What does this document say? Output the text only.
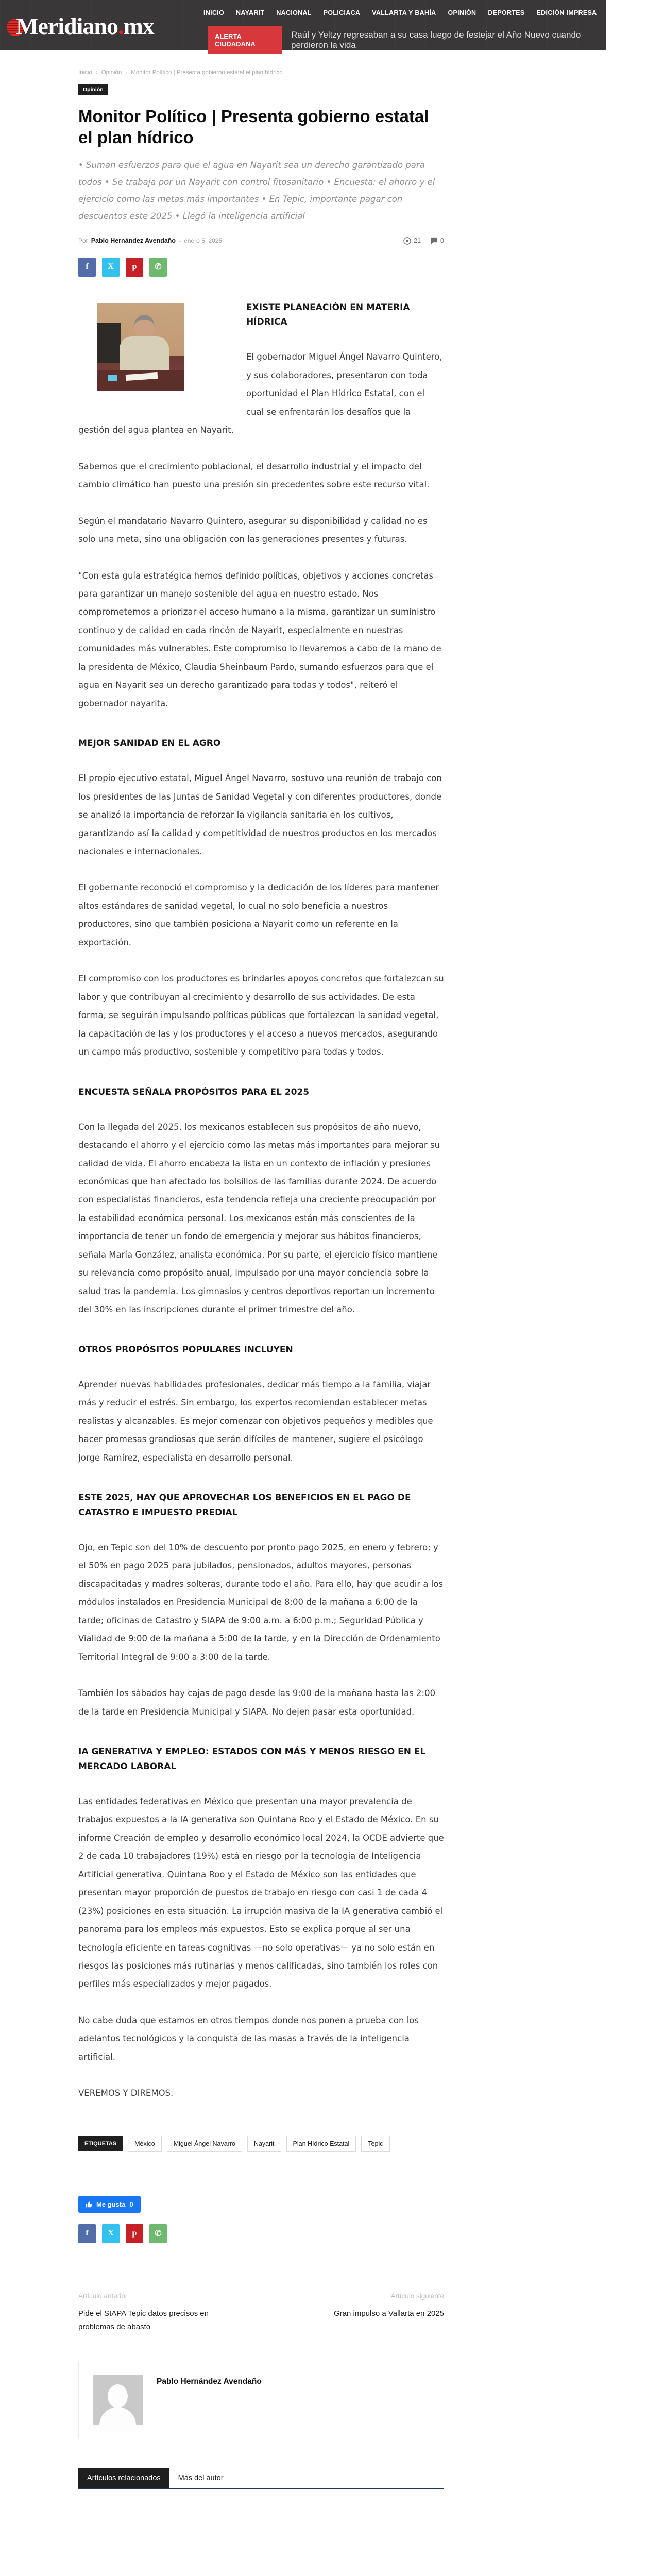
Meridiano.mx	INICIO NAYARIT NACIONAL POLICIACA VALLARTA Y BAHÍA OPINIÓN DEPORTES EDICIÓN IMPRESA ESPECIAL
ALERTA CIUDADANA
Raúl y Yeltzy regresaban a su casa luego de festejar el Año Nuevo cuando perdieron la vida
Inicio › Opinión › Monitor Político | Presenta gobierno estatal el plan hídrico
Opinión
Monitor Político | Presenta gobierno estatal el plan hídrico

• Suman esfuerzos para que el agua en Nayarit sea un derecho garantizado para todos • Se trabaja por un Nayarit con control fitosanitario • Encuesta: el ahorro y el ejercicio como las metas más importantes • En Tepic, importante pagar con descuentos este 2025 • Llegó la inteligencia artificial

Por Pablo Hernández Avendaño - enero 5, 2025	21	0
f	X	p	✆
EXISTE PLANEACIÓN EN MATERIA HÍDRICA
El gobernador Miguel Ángel Navarro Quintero, y sus colaboradores, presentaron con toda oportunidad el Plan Hídrico Estatal, con el cual se enfrentarán los desafíos que la gestión del agua plantea en Nayarit.
Sabemos que el crecimiento poblacional, el desarrollo industrial y el impacto del cambio climático han puesto una presión sin precedentes sobre este recurso vital.
Según el mandatario Navarro Quintero, asegurar su disponibilidad y calidad no es solo una meta, sino una obligación con las generaciones presentes y futuras.
"Con esta guía estratégica hemos definido políticas, objetivos y acciones concretas para garantizar un manejo sostenible del agua en nuestro estado. Nos comprometemos a priorizar el acceso humano a la misma, garantizar un suministro continuo y de calidad en cada rincón de Nayarit, especialmente en nuestras comunidades más vulnerables. Este compromiso lo llevaremos a cabo de la mano de la presidenta de México, Claudia Sheinbaum Pardo, sumando esfuerzos para que el agua en Nayarit sea un derecho garantizado para todas y todos", reiteró el gobernador nayarita.
MEJOR SANIDAD EN EL AGRO
El propio ejecutivo estatal, Miguel Ángel Navarro, sostuvo una reunión de trabajo con los presidentes de las Juntas de Sanidad Vegetal y con diferentes productores, donde se analizó la importancia de reforzar la vigilancia sanitaria en los cultivos, garantizando así la calidad y competitividad de nuestros productos en los mercados nacionales e internacionales.
El gobernante reconoció el compromiso y la dedicación de los líderes para mantener altos estándares de sanidad vegetal, lo cual no solo beneficia a nuestros productores, sino que también posiciona a Nayarit como un referente en la exportación.
El compromiso con los productores es brindarles apoyos concretos que fortalezcan su labor y que contribuyan al crecimiento y desarrollo de sus actividades. De esta forma, se seguirán impulsando políticas públicas que fortalezcan la sanidad vegetal, la capacitación de las y los productores y el acceso a nuevos mercados, asegurando un campo más productivo, sostenible y competitivo para todas y todos.
ENCUESTA SEÑALA PROPÓSITOS PARA EL 2025
Con la llegada del 2025, los mexicanos establecen sus propósitos de año nuevo, destacando el ahorro y el ejercicio como las metas más importantes para mejorar su calidad de vida. El ahorro encabeza la lista en un contexto de inflación y presiones económicas que han afectado los bolsillos de las familias durante 2024. De acuerdo con especialistas financieros, esta tendencia refleja una creciente preocupación por la estabilidad económica personal. Los mexicanos están más conscientes de la importancia de tener un fondo de emergencia y mejorar sus hábitos financieros, señala María González, analista económica. Por su parte, el ejercicio físico mantiene su relevancia como propósito anual, impulsado por una mayor conciencia sobre la salud tras la pandemia. Los gimnasios y centros deportivos reportan un incremento del 30% en las inscripciones durante el primer trimestre del año.
OTROS PROPÓSITOS POPULARES INCLUYEN
Aprender nuevas habilidades profesionales, dedicar más tiempo a la familia, viajar más y reducir el estrés. Sin embargo, los expertos recomiendan establecer metas realistas y alcanzables. Es mejor comenzar con objetivos pequeños y medibles que hacer promesas grandiosas que serán difíciles de mantener, sugiere el psicólogo Jorge Ramírez, especialista en desarrollo personal.
ESTE 2025, HAY QUE APROVECHAR LOS BENEFICIOS EN EL PAGO DE CATASTRO E IMPUESTO PREDIAL
Ojo, en Tepic son del 10% de descuento por pronto pago 2025, en enero y febrero; y el 50% en pago 2025 para jubilados, pensionados, adultos mayores, personas discapacitadas y madres solteras, durante todo el año. Para ello, hay que acudir a los módulos instalados en Presidencia Municipal de 8:00 de la mañana a 6:00 de la tarde; oficinas de Catastro y SIAPA de 9:00 a.m. a 6:00 p.m.; Seguridad Pública y Vialidad de 9:00 de la mañana a 5:00 de la tarde, y en la Dirección de Ordenamiento Territorial Integral de 9:00 a 3:00 de la tarde.
También los sábados hay cajas de pago desde las 9:00 de la mañana hasta las 2:00 de la tarde en Presidencia Municipal y SIAPA. No dejen pasar esta oportunidad.
IA GENERATIVA Y EMPLEO: ESTADOS CON MÁS Y MENOS RIESGO EN EL MERCADO LABORAL
Las entidades federativas en México que presentan una mayor prevalencia de trabajos expuestos a la IA generativa son Quintana Roo y el Estado de México. En su informe Creación de empleo y desarrollo económico local 2024, la OCDE advierte que 2 de cada 10 trabajadores (19%) está en riesgo por la tecnología de Inteligencia Artificial generativa. Quintana Roo y el Estado de México son las entidades que presentan mayor proporción de puestos de trabajo en riesgo con casi 1 de cada 4 (23%) posiciones en esta situación. La irrupción masiva de la IA generativa cambió el panorama para los empleos más expuestos. Esto se explica porque al ser una tecnología eficiente en tareas cognitivas —no solo operativas— ya no solo están en riesgos las posiciones más rutinarias y menos calificadas, sino también los roles con perfiles más especializados y mejor pagados.
No cabe duda que estamos en otros tiempos donde nos ponen a prueba con los adelantos tecnológicos y la conquista de las masas a través de la inteligencia artificial.
VEREMOS Y DIREMOS.
ETIQUETAS	México	Miguel Ángel Navarro	Nayarit	Plan Hídrico Estatal	Tepic
Me gusta 0
f	X	p	✆
Artículo anterior	Artículo siguiente
Pide el SIAPA Tepic datos precisos en problemas de abasto
Gran impulso a Vallarta en 2025
Pablo Hernández Avendaño
Artículos relacionados	Más del autor
